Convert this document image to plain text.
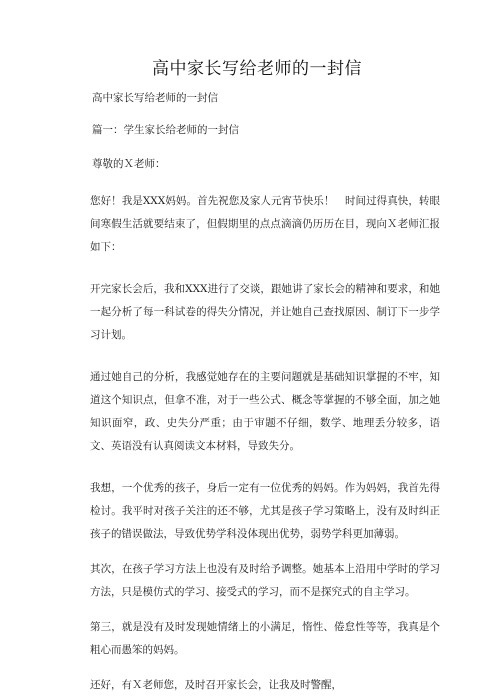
高中家长写给老师的一封信

高中家长写给老师的一封信

篇一：学生家长给老师的一封信

尊敬的Ｘ老师：

您好！我是XXX妈妈。首先祝您及家人元宵节快乐！　时间过得真快，转眼间寒假生活就要结束了，但假期里的点点滴滴仍历历在目，现向Ｘ老师汇报如下：

开完家长会后，我和XXX进行了交谈，跟她讲了家长会的精神和要求，和她一起分析了每一科试卷的得失分情况，并让她自己查找原因、制订下一步学习计划。

通过她自己的分析，我感觉她存在的主要问题就是基础知识掌握的不牢，知道这个知识点，但拿不准，对于一些公式、概念等掌握的不够全面，加之她知识面窄，政、史失分严重；由于审题不仔细，数学、地理丢分较多，语文、英语没有认真阅读文本材料，导致失分。

我想，一个优秀的孩子，身后一定有一位优秀的妈妈。作为妈妈，我首先得检讨。我平时对孩子关注的还不够，尤其是孩子学习策略上，没有及时纠正孩子的错误做法，导致优势学科没体现出优势，弱势学科更加薄弱。

其次，在孩子学习方法上也没有及时给予调整。她基本上沿用中学时的学习方法，只是模仿式的学习、接受式的学习，而不是探究式的自主学习。

第三，就是没有及时发现她情绪上的小满足，惰性、倦怠性等等，我真是个粗心而愚笨的妈妈。

还好，有Ｘ老师您，及时召开家长会，让我及时警醒，
